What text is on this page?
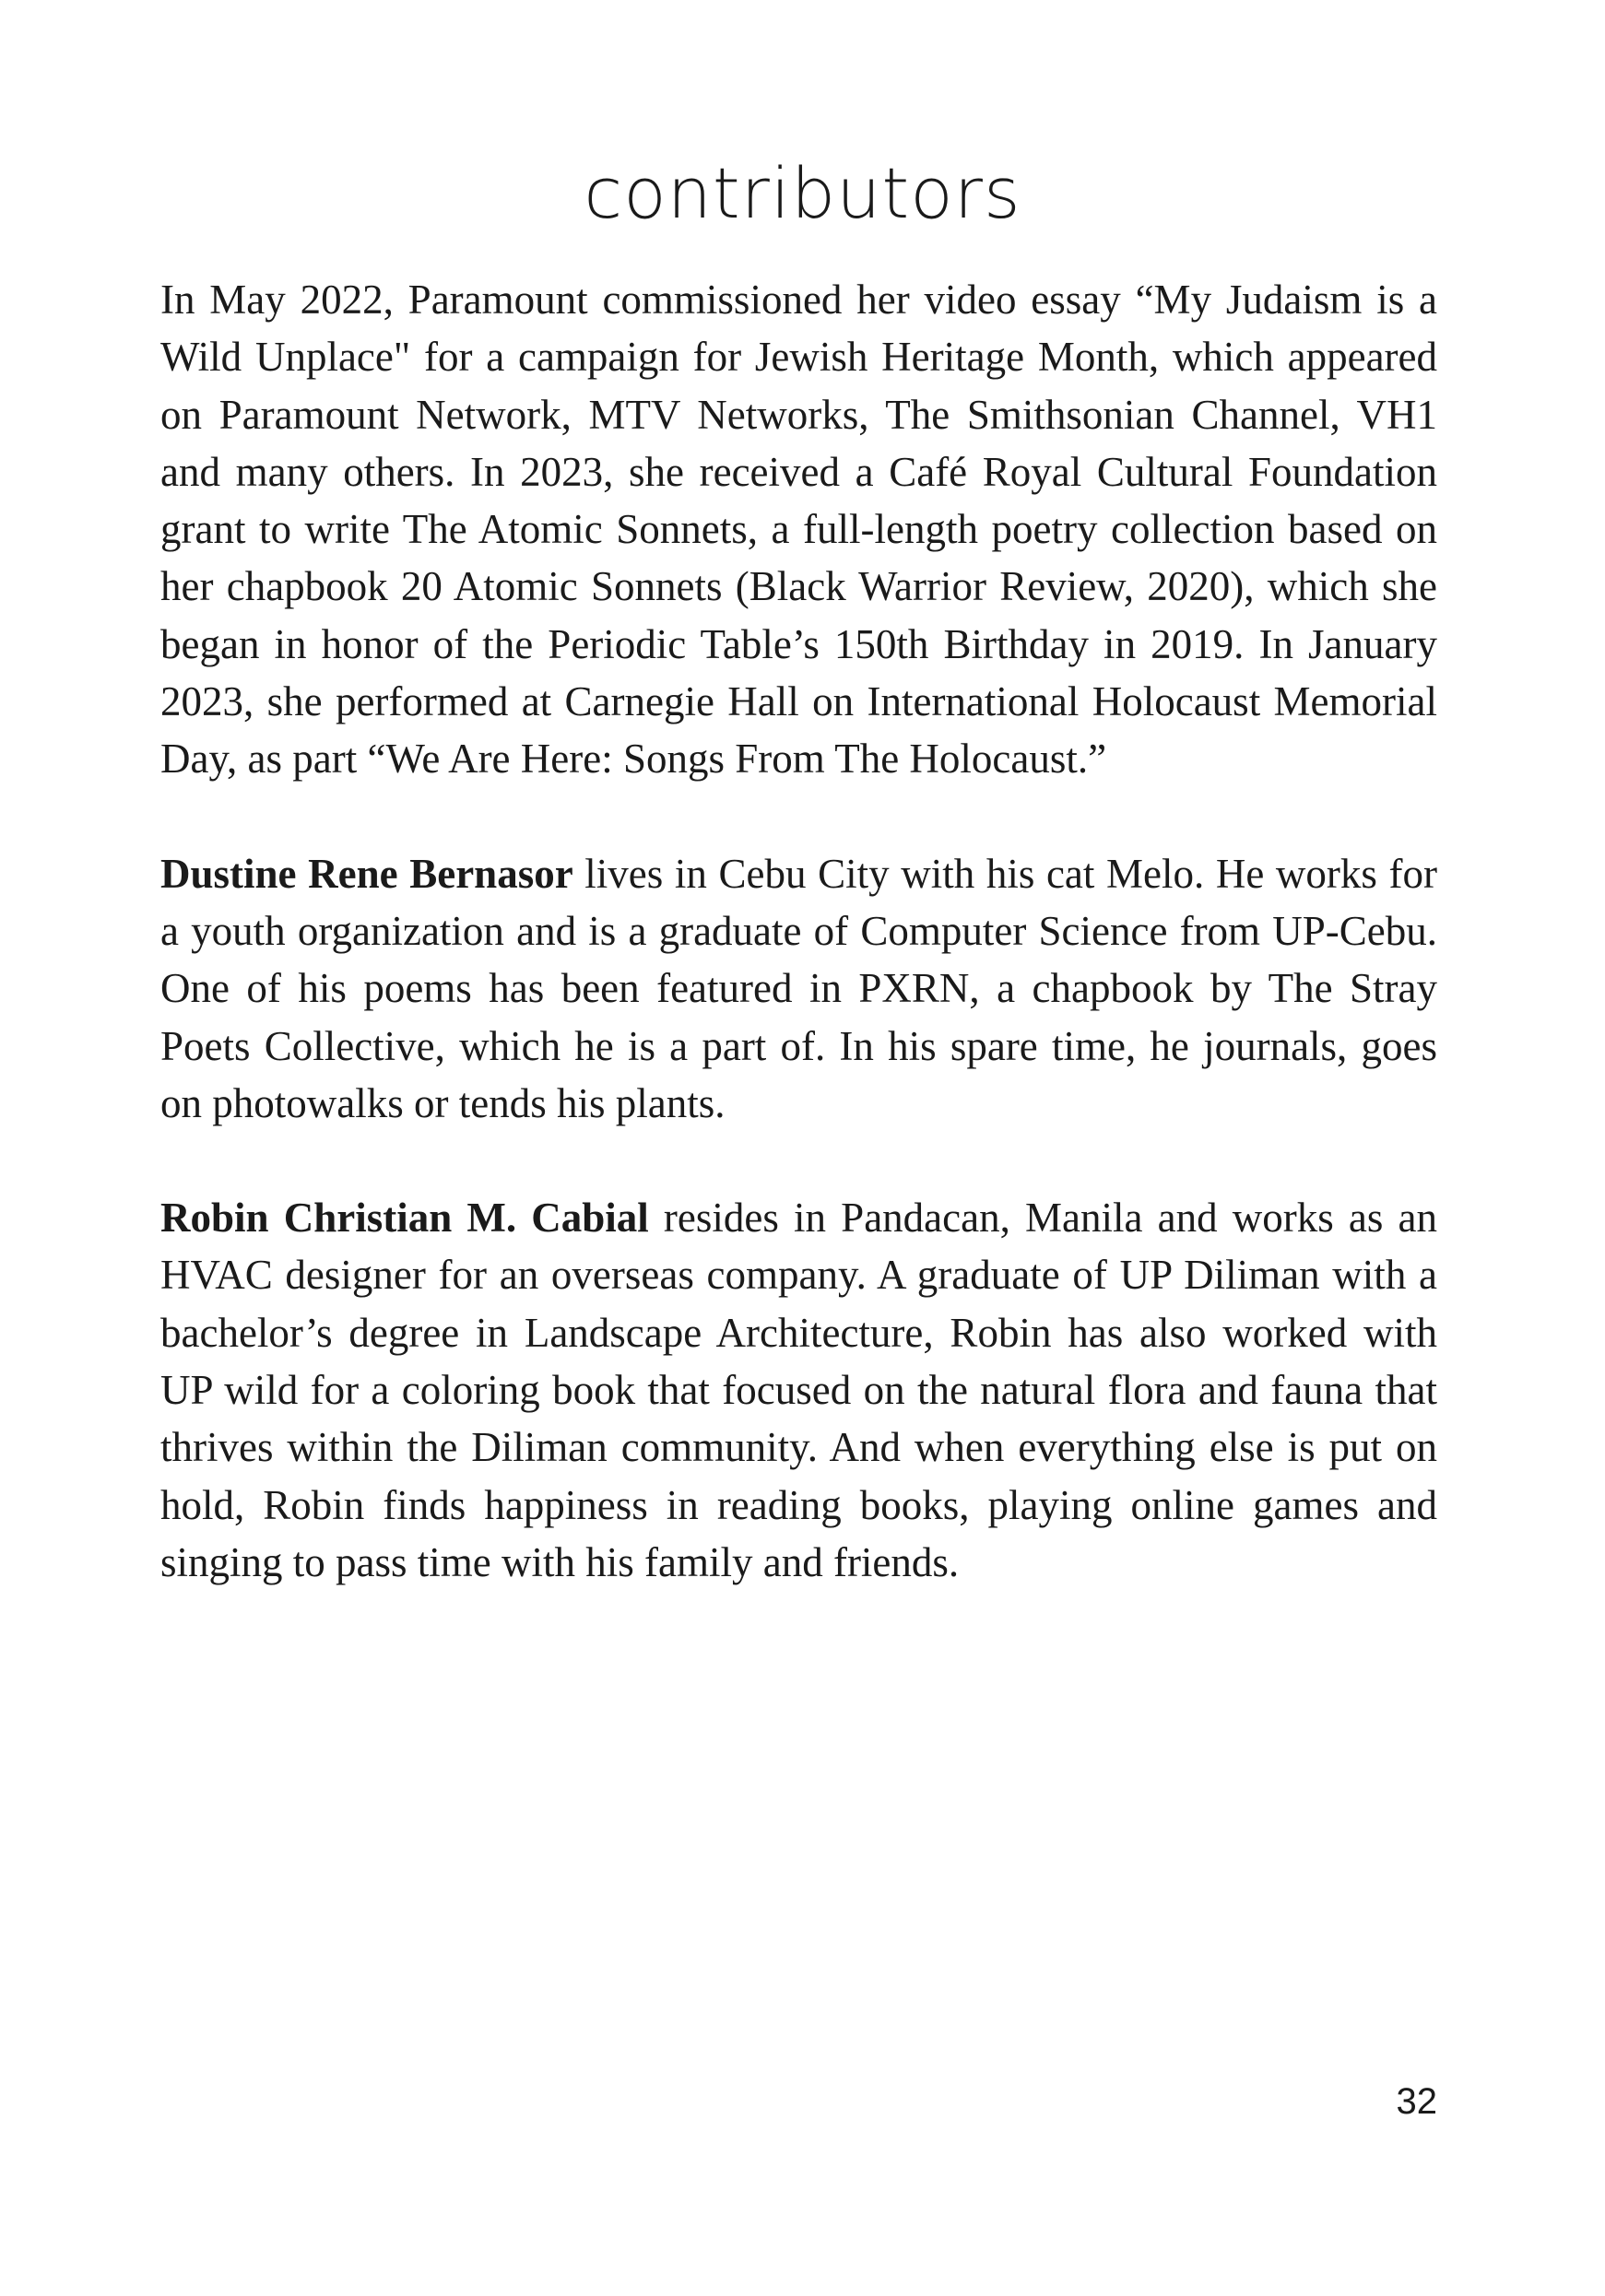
contributors

In May 2022, Paramount commissioned her video essay “My Judaism is a Wild Unplace" for a campaign for Jewish Heritage Month, which appeared on Paramount Network, MTV Networks, The Smithsonian Channel, VH1 and many others. In 2023, she received a Café Royal Cultural Foundation grant to write The Atomic Sonnets, a full-length poetry collection based on her chapbook 20 Atomic Sonnets (Black Warrior Review, 2020), which she began in honor of the Periodic Table’s 150th Birthday in 2019. In January 2023, she performed at Carnegie Hall on International Holocaust Memorial Day, as part “We Are Here: Songs From The Holocaust.”

Dustine Rene Bernasor lives in Cebu City with his cat Melo. He works for a youth organization and is a graduate of Computer Science from UP-Cebu. One of his poems has been featured in PXRN, a chapbook by The Stray Poets Collective, which he is a part of. In his spare time, he journals, goes on photowalks or tends his plants.

Robin Christian M. Cabial resides in Pandacan, Manila and works as an HVAC designer for an overseas company. A graduate of UP Diliman with a bachelor’s degree in Landscape Architecture, Robin has also worked with UP wild for a coloring book that focused on the natural flora and fauna that thrives within the Diliman community. And when everything else is put on hold, Robin finds happiness in reading books, playing online games and singing to pass time with his family and friends.

32
